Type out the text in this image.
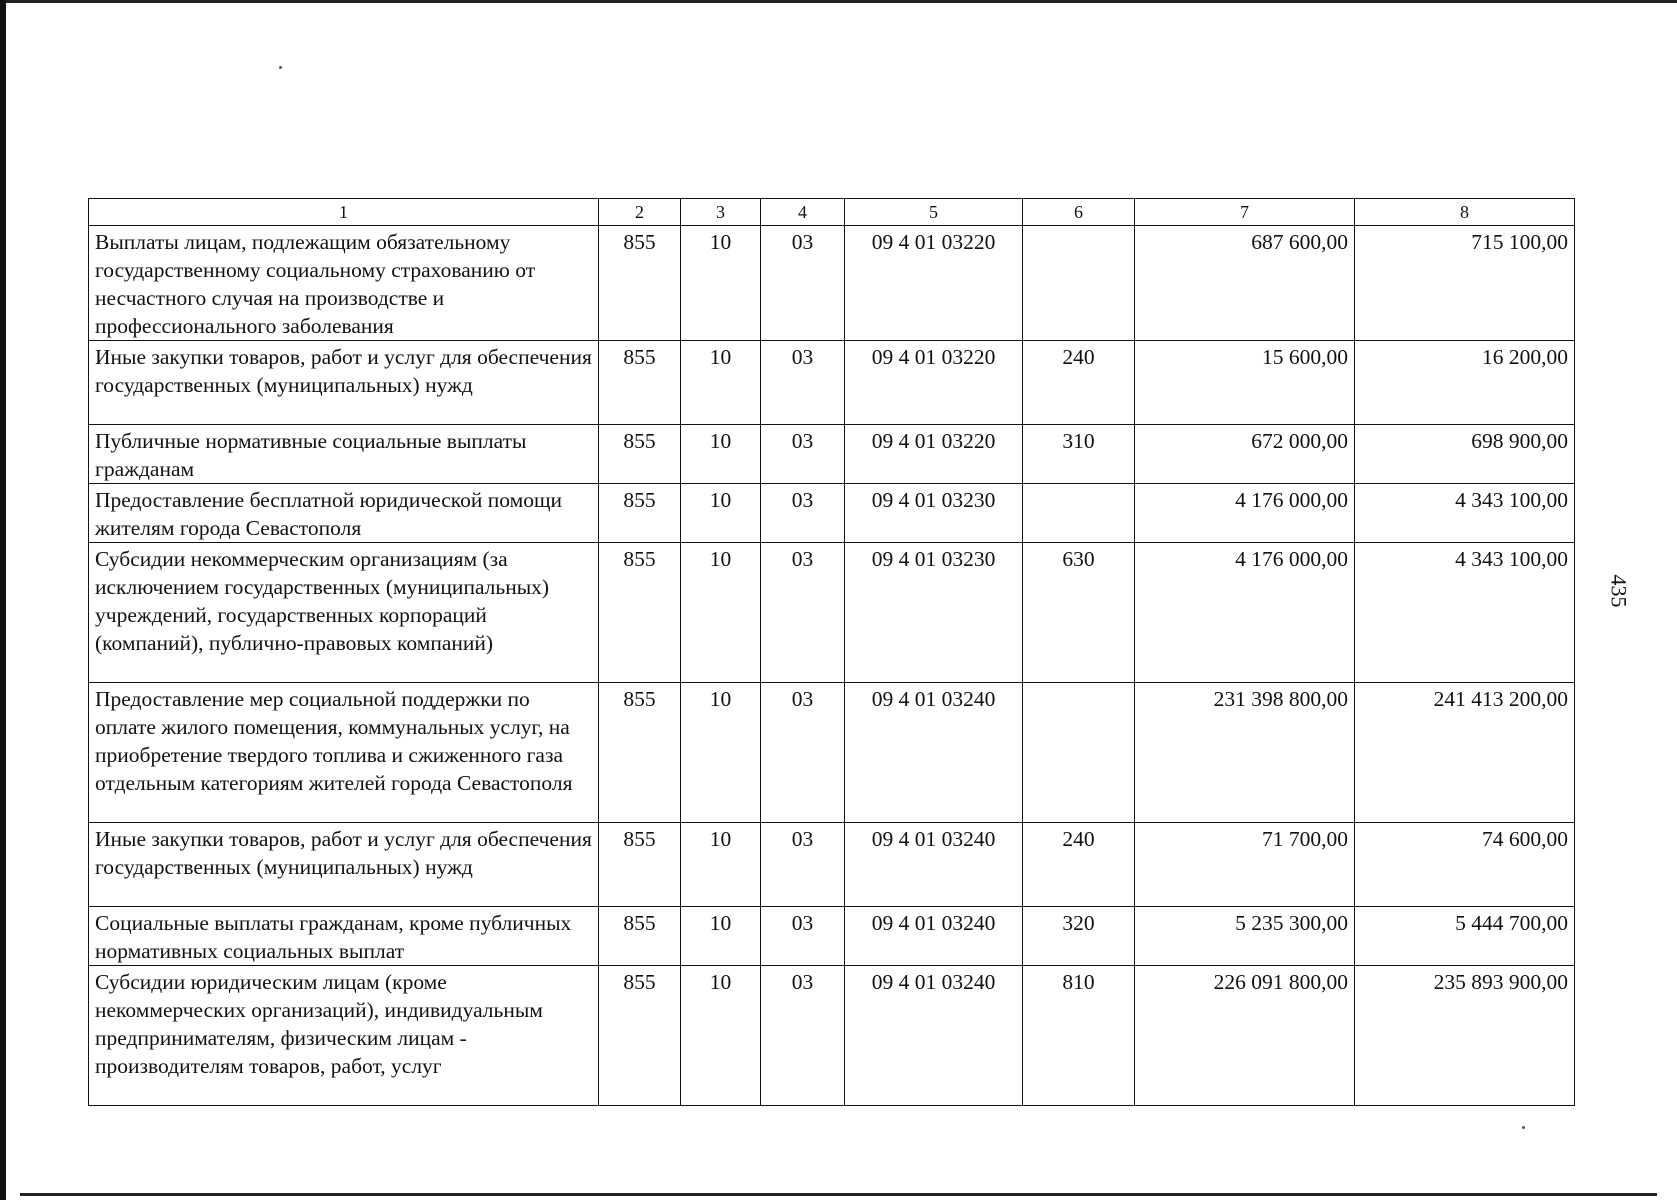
435
1	2	3	4	5	6	7	8
Выплаты лицам, подлежащим обязательному государственному социальному страхованию от несчастного случая на производстве и профессионального заболевания	855	10	03	09 4 01 03220		687 600,00	715 100,00
Иные закупки товаров, работ и услуг для обеспечения государственных (муниципальных) нужд	855	10	03	09 4 01 03220	240	15 600,00	16 200,00
Публичные нормативные социальные выплаты гражданам	855	10	03	09 4 01 03220	310	672 000,00	698 900,00
Предоставление бесплатной юридической помощи жителям города Севастополя	855	10	03	09 4 01 03230		4 176 000,00	4 343 100,00
Субсидии некоммерческим организациям (за исключением государственных (муниципальных) учреждений, государственных корпораций (компаний), публично-правовых компаний)	855	10	03	09 4 01 03230	630	4 176 000,00	4 343 100,00
Предоставление мер социальной поддержки по оплате жилого помещения, коммунальных услуг, на приобретение твердого топлива и сжиженного газа отдельным категориям жителей города Севастополя	855	10	03	09 4 01 03240		231 398 800,00	241 413 200,00
Иные закупки товаров, работ и услуг для обеспечения государственных (муниципальных) нужд	855	10	03	09 4 01 03240	240	71 700,00	74 600,00
Социальные выплаты гражданам, кроме публичных нормативных социальных выплат	855	10	03	09 4 01 03240	320	5 235 300,00	5 444 700,00
Субсидии юридическим лицам (кроме некоммерческих организаций), индивидуальным предпринимателям, физическим лицам - производителям товаров, работ, услуг	855	10	03	09 4 01 03240	810	226 091 800,00	235 893 900,00
